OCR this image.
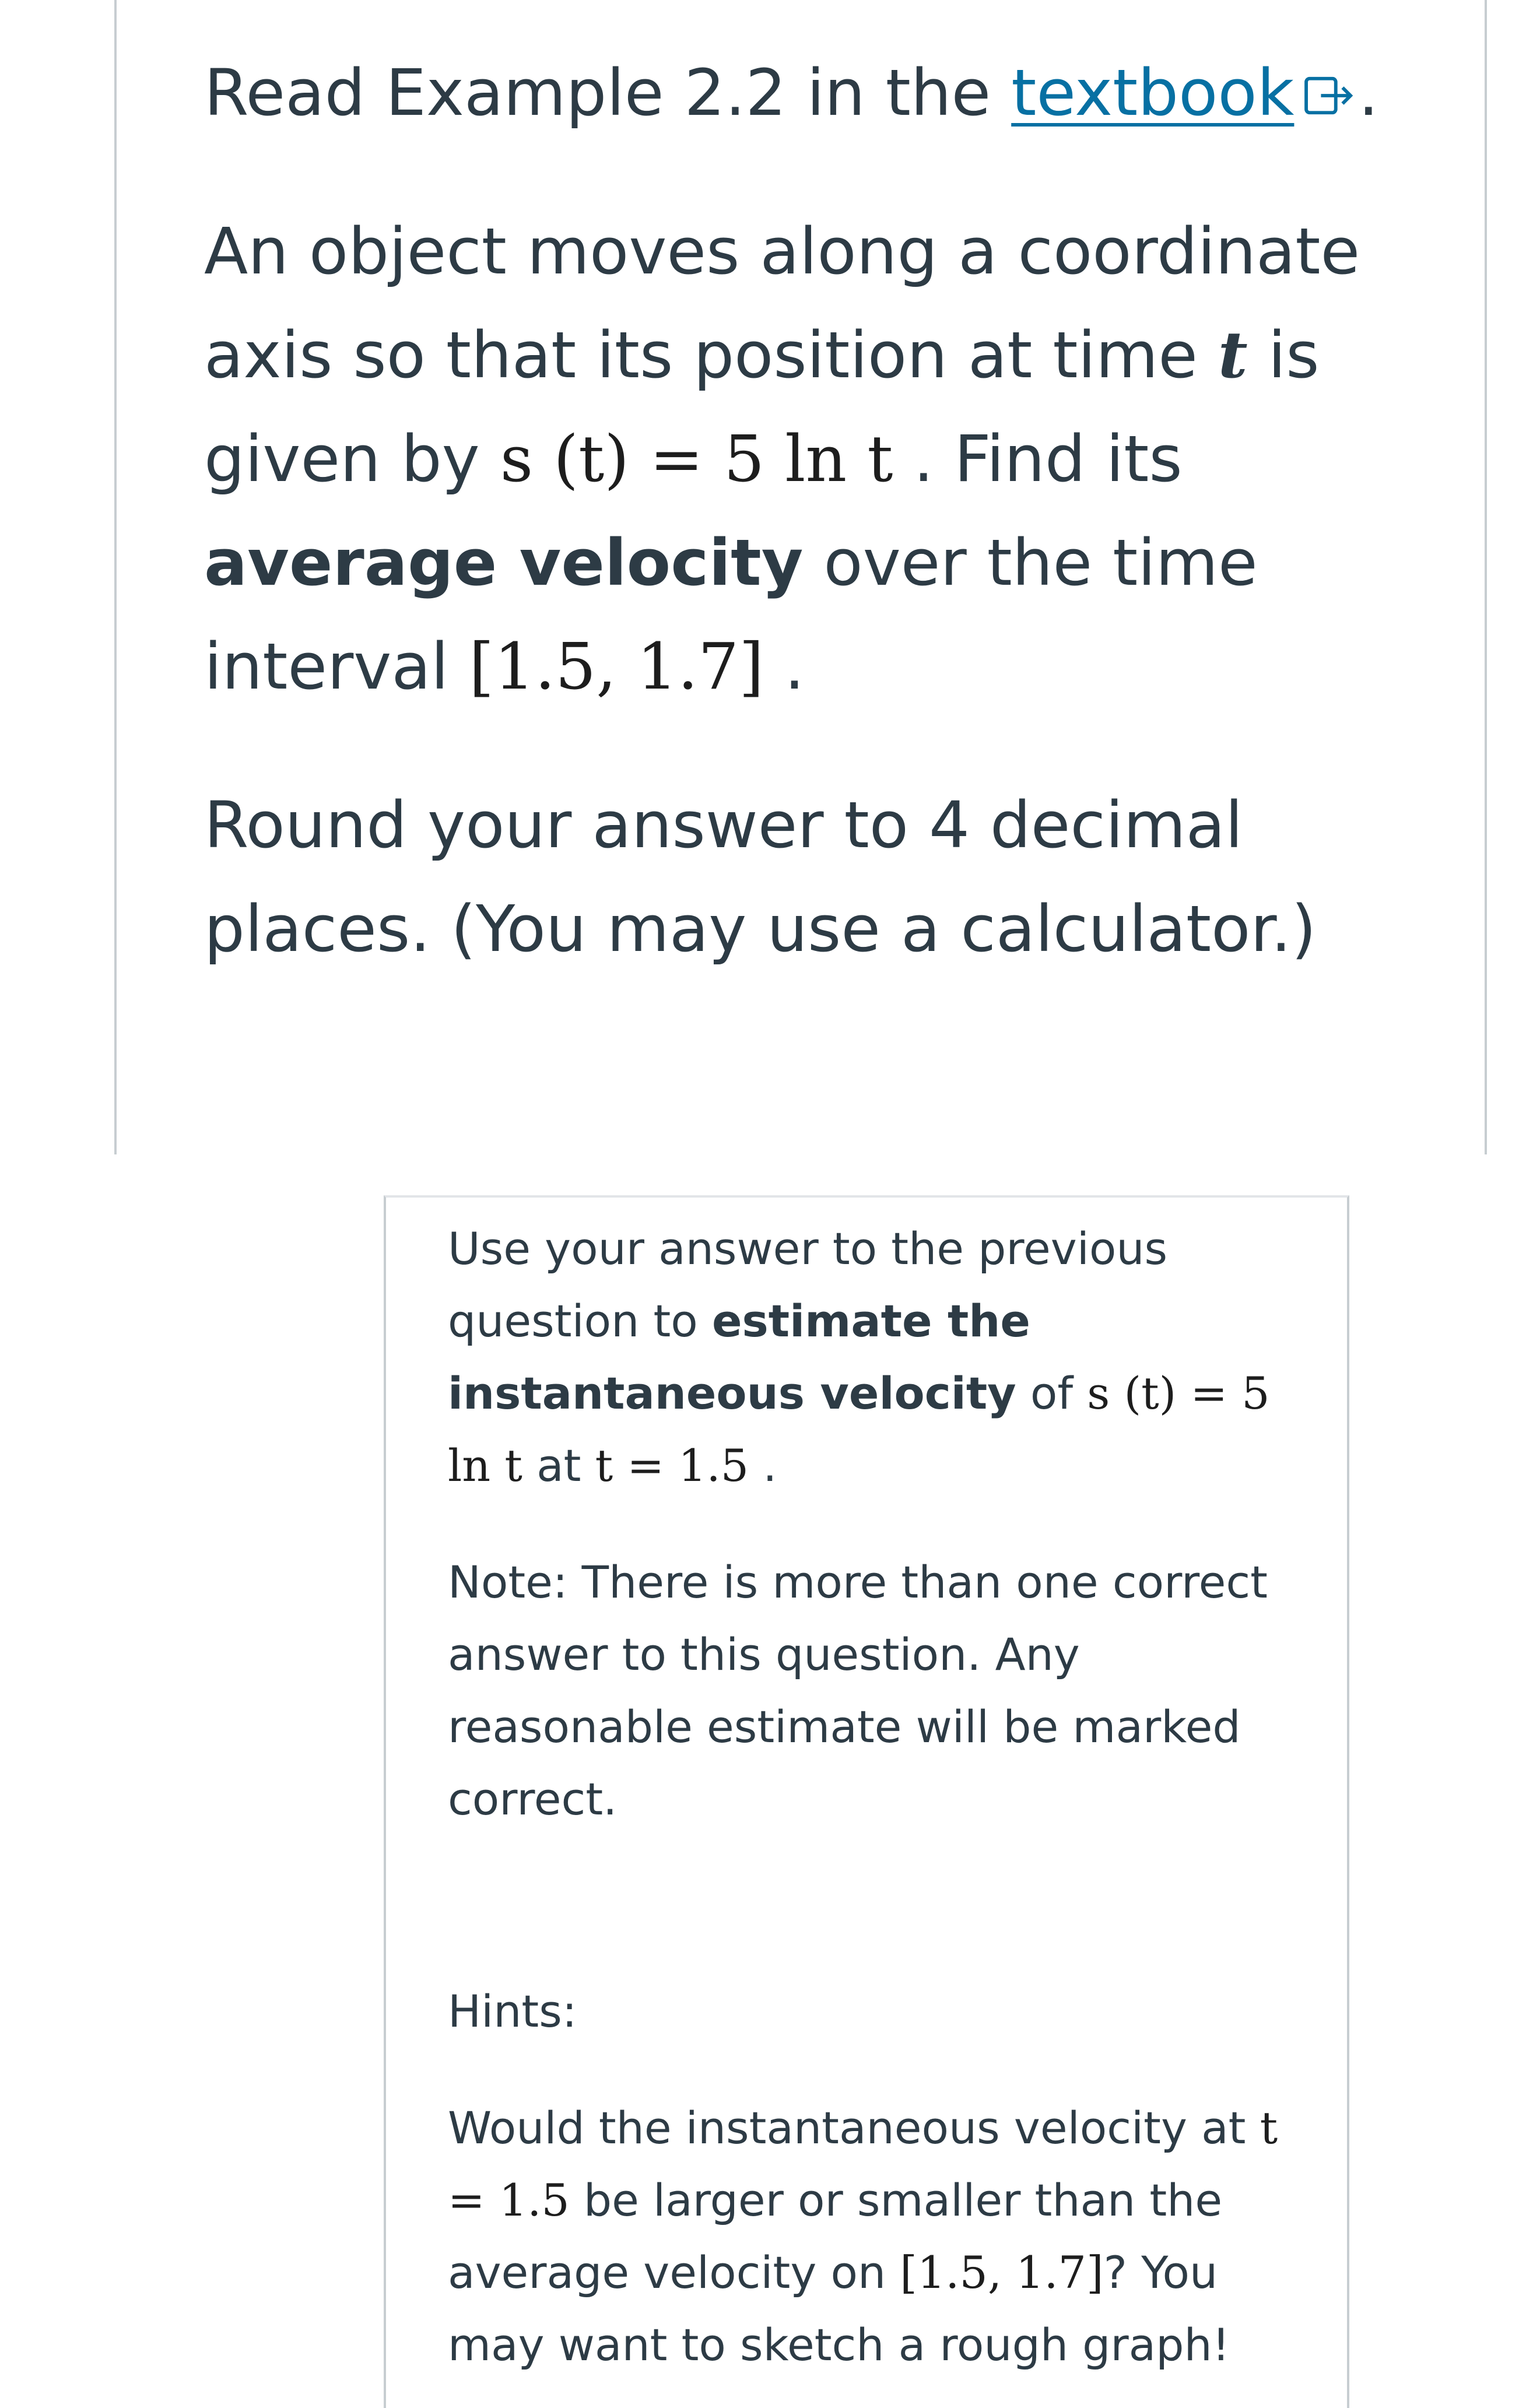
Read Example 2.2 in the textbook .

An object moves along a coordinate axis so that its position at time t is given by s (t) = 5 ln t . Find its average velocity over the time interval [1.5, 1.7] .

Round your answer to 4 decimal places. (You may use a calculator.)

Use your answer to the previous question to estimate the instantaneous velocity of s (t) = 5 ln t at t = 1.5 .

Note: There is more than one correct answer to this question. Any reasonable estimate will be marked correct.

Hints:

Would the instantaneous velocity at t = 1.5 be larger or smaller than the average velocity on [1.5, 1.7]? You may want to sketch a rough graph!
